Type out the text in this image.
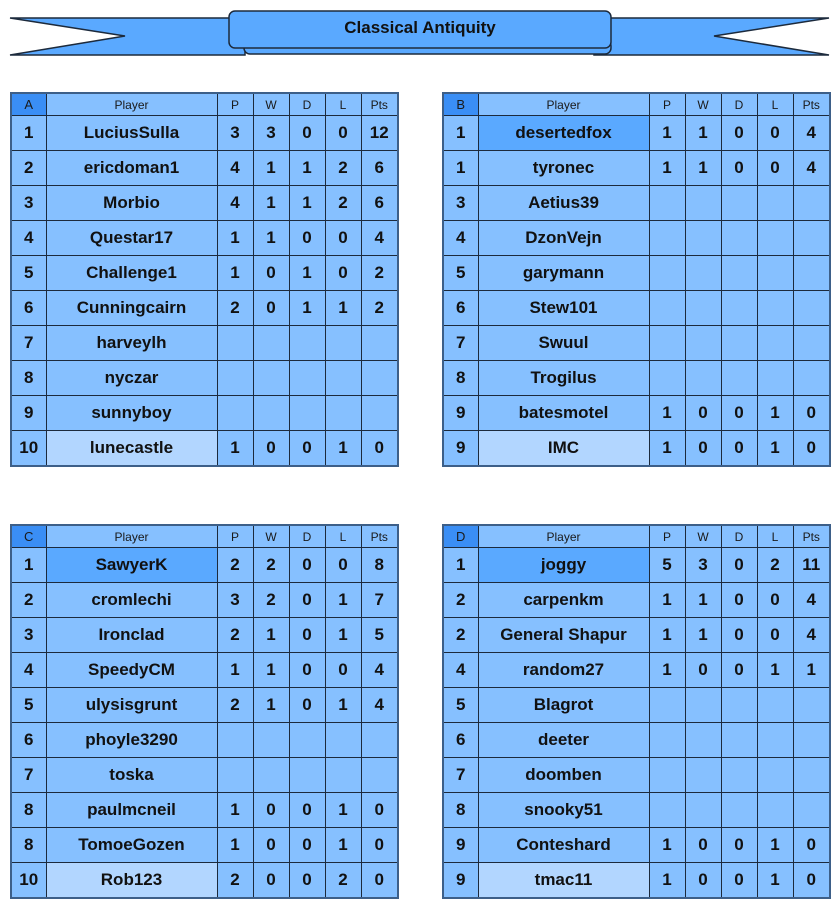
Classical Antiquity
A	Player	P	W	D	L	Pts
1	LuciusSulla	3	3	0	0	12
2	ericdoman1	4	1	1	2	6
3	Morbio	4	1	1	2	6
4	Questar17	1	1	0	0	4
5	Challenge1	1	0	1	0	2
6	Cunningcairn	2	0	1	1	2
7	harveylh					
8	nyczar					
9	sunnyboy					
10	lunecastle	1	0	0	1	0
B	Player	P	W	D	L	Pts
1	desertedfox	1	1	0	0	4
1	tyronec	1	1	0	0	4
3	Aetius39					
4	DzonVejn					
5	garymann					
6	Stew101					
7	Swuul					
8	Trogilus					
9	batesmotel	1	0	0	1	0
9	IMC	1	0	0	1	0
C	Player	P	W	D	L	Pts
1	SawyerK	2	2	0	0	8
2	cromlechi	3	2	0	1	7
3	Ironclad	2	1	0	1	5
4	SpeedyCM	1	1	0	0	4
5	ulysisgrunt	2	1	0	1	4
6	phoyle3290					
7	toska					
8	paulmcneil	1	0	0	1	0
8	TomoeGozen	1	0	0	1	0
10	Rob123	2	0	0	2	0
D	Player	P	W	D	L	Pts
1	joggy	5	3	0	2	11
2	carpenkm	1	1	0	0	4
2	General Shapur	1	1	0	0	4
4	random27	1	0	0	1	1
5	Blagrot					
6	deeter					
7	doomben					
8	snooky51					
9	Conteshard	1	0	0	1	0
9	tmac11	1	0	0	1	0
